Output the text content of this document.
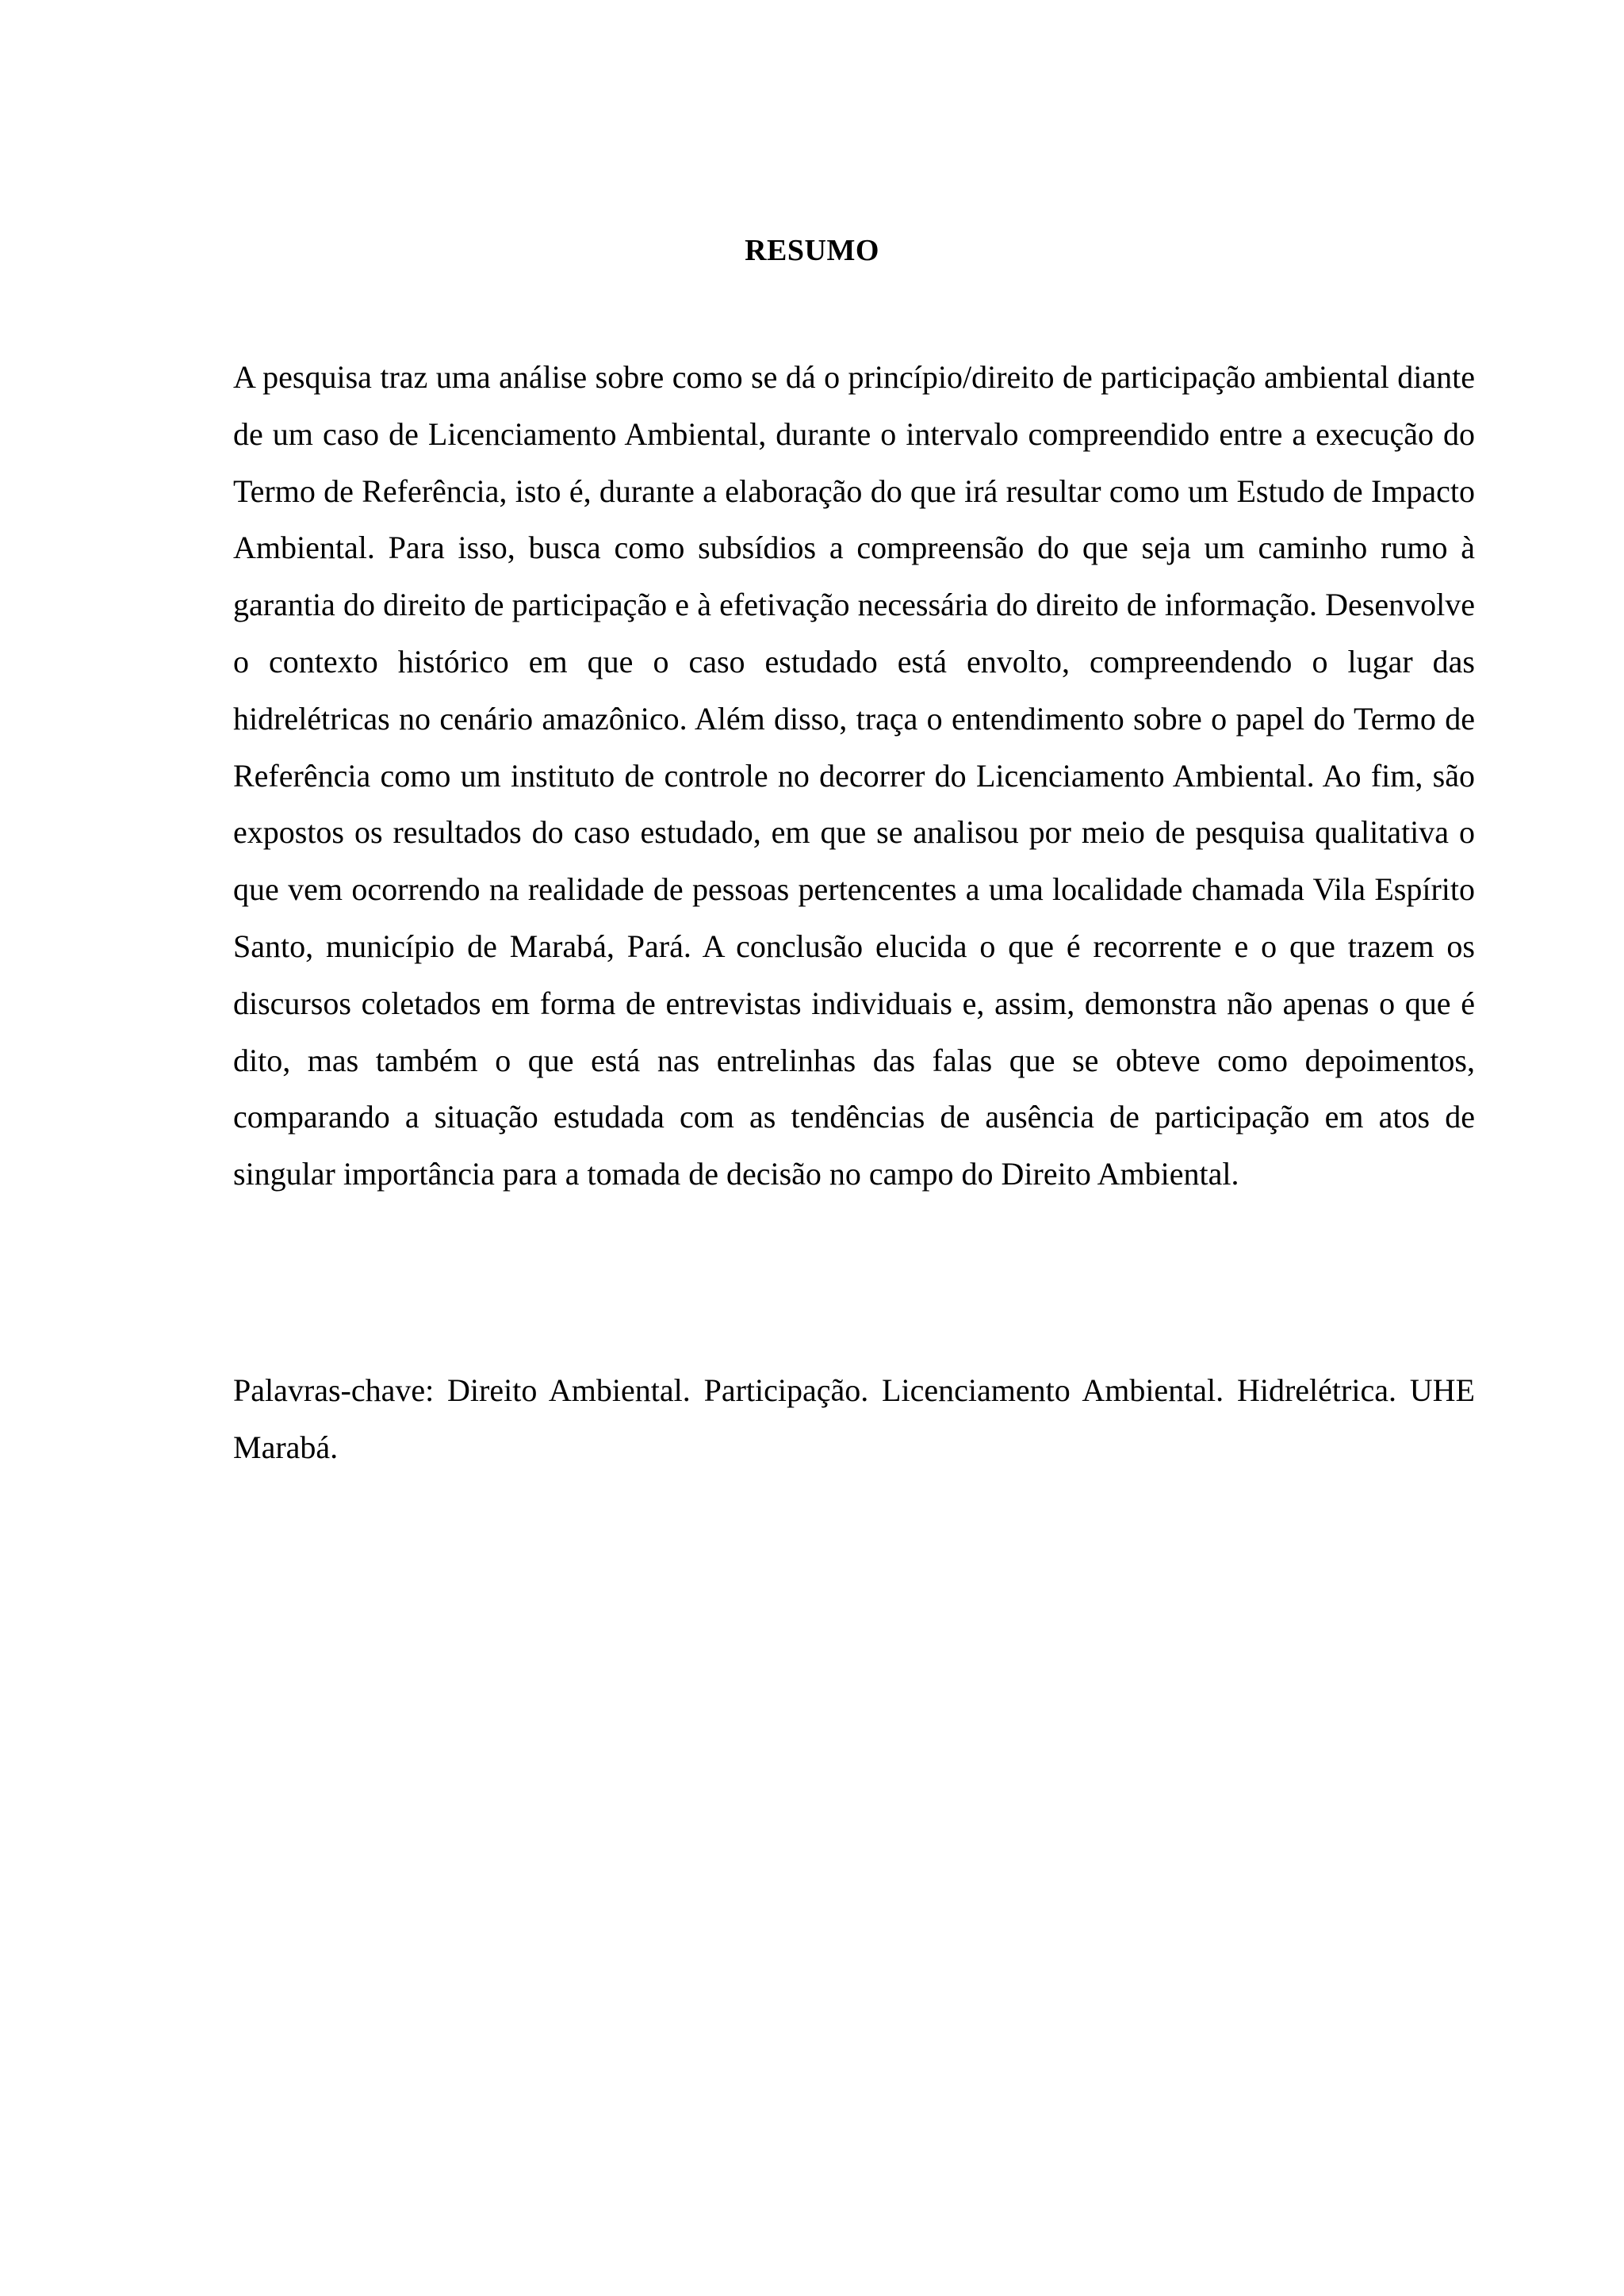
RESUMO

A pesquisa traz uma análise sobre como se dá o princípio/direito de participação ambiental diante de um caso de Licenciamento Ambiental, durante o intervalo compreendido entre a execução do Termo de Referência, isto é, durante a elaboração do que irá resultar como um Estudo de Impacto Ambiental. Para isso, busca como subsídios a compreensão do que seja um caminho rumo à garantia do direito de participação e à efetivação necessária do direito de informação. Desenvolve o contexto histórico em que o caso estudado está envolto, compreendendo o lugar das hidrelétricas no cenário amazônico. Além disso, traça o entendimento sobre o papel do Termo de Referência como um instituto de controle no decorrer do Licenciamento Ambiental. Ao fim, são expostos os resultados do caso estudado, em que se analisou por meio de pesquisa qualitativa o que vem ocorrendo na realidade de pessoas pertencentes a uma localidade chamada Vila Espírito Santo, município de Marabá, Pará. A conclusão elucida o que é recorrente e o que trazem os discursos coletados em forma de entrevistas individuais e, assim, demonstra não apenas o que é dito, mas também o que está nas entrelinhas das falas que se obteve como depoimentos, comparando a situação estudada com as tendências de ausência de participação em atos de singular importância para a tomada de decisão no campo do Direito Ambiental.

Palavras-chave: Direito Ambiental. Participação. Licenciamento Ambiental. Hidrelétrica. UHE Marabá.
